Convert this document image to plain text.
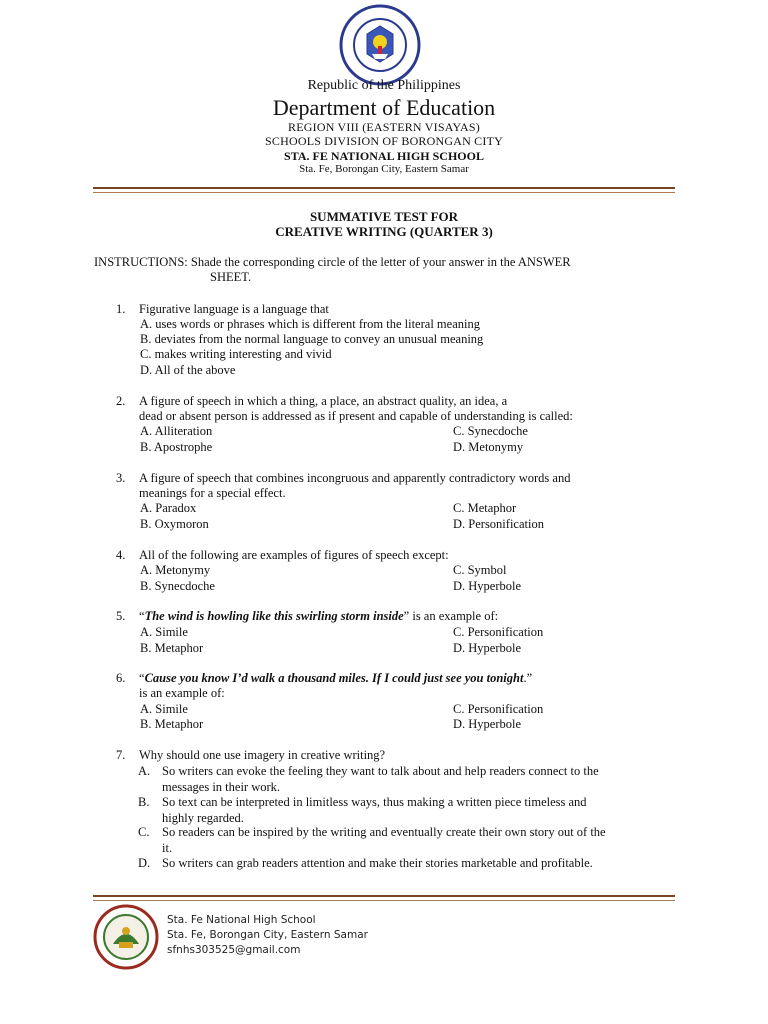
Republic of the Philippines
Department of Education
REGION VIII (EASTERN VISAYAS)
SCHOOLS DIVISION OF BORONGAN CITY
STA. FE NATIONAL HIGH SCHOOL
Sta. Fe, Borongan City, Eastern Samar
SUMMATIVE TEST FOR
CREATIVE WRITING (QUARTER 3)
INSTRUCTIONS: Shade the corresponding circle of the letter of your answer in the ANSWER
SHEET.
1. Figurative language is a language that
A. uses words or phrases which is different from the literal meaning
B. deviates from the normal language to convey an unusual meaning
C. makes writing interesting and vivid
D. All of the above
2. A figure of speech in which a thing, a place, an abstract quality, an idea, a
dead or absent person is addressed as if present and capable of understanding is called:
A. Alliteration
B. Apostrophe
C. Synecdoche
D. Metonymy
3. A figure of speech that combines incongruous and apparently contradictory words and
meanings for a special effect.
A. Paradox
B. Oxymoron
C. Metaphor
D. Personification
4. All of the following are examples of figures of speech except:
A. Metonymy
B. Synecdoche
C. Symbol
D. Hyperbole
5. “The wind is howling like this swirling storm inside” is an example of:
A. Simile
B. Metaphor
C. Personification
D. Hyperbole
6. “Cause you know I’d walk a thousand miles. If I could just see you tonight.”
is an example of:
A. Simile
B. Metaphor
C. Personification
D. Hyperbole
7. Why should one use imagery in creative writing?
A. So writers can evoke the feeling they want to talk about and help readers connect to the
messages in their work.
B. So text can be interpreted in limitless ways, thus making a written piece timeless and
highly regarded.
C. So readers can be inspired by the writing and eventually create their own story out of the
it.
D. So writers can grab readers attention and make their stories marketable and profitable.
Sta. Fe National High School
Sta. Fe, Borongan City, Eastern Samar
sfnhs303525@gmail.com
